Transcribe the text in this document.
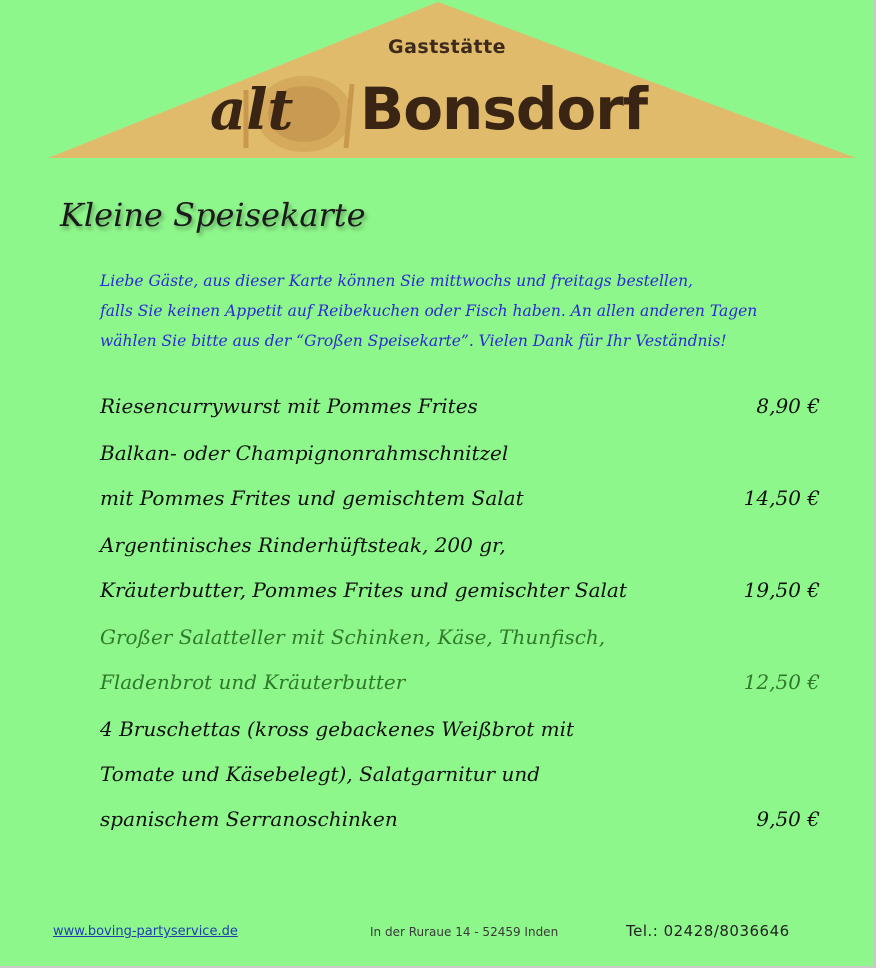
Gaststätte
alt Bonsdorf
Kleine Speisekarte
Liebe Gäste, aus dieser Karte können Sie mittwochs und freitags bestellen,
falls Sie keinen Appetit auf Reibekuchen oder Fisch haben. An allen anderen Tagen
wählen Sie bitte aus der “Großen Speisekarte”. Vielen Dank für Ihr Veständnis!
Riesencurrywurst mit Pommes Frites	8,90 €
Balkan- oder Champignonrahmschnitzel
mit Pommes Frites und gemischtem Salat	14,50 €
Argentinisches Rinderhüftsteak, 200 gr,
Kräuterbutter, Pommes Frites und gemischter Salat	19,50 €
Großer Salatteller mit Schinken, Käse, Thunfisch,
Fladenbrot und Kräuterbutter	12,50 €
4 Bruschettas (kross gebackenes Weißbrot mit
Tomate und Käsebelegt), Salatgarnitur und
spanischem Serranoschinken	9,50 €
www.boving-partyservice.de	In der Ruraue 14 - 52459 Inden	Tel.: 02428/8036646
